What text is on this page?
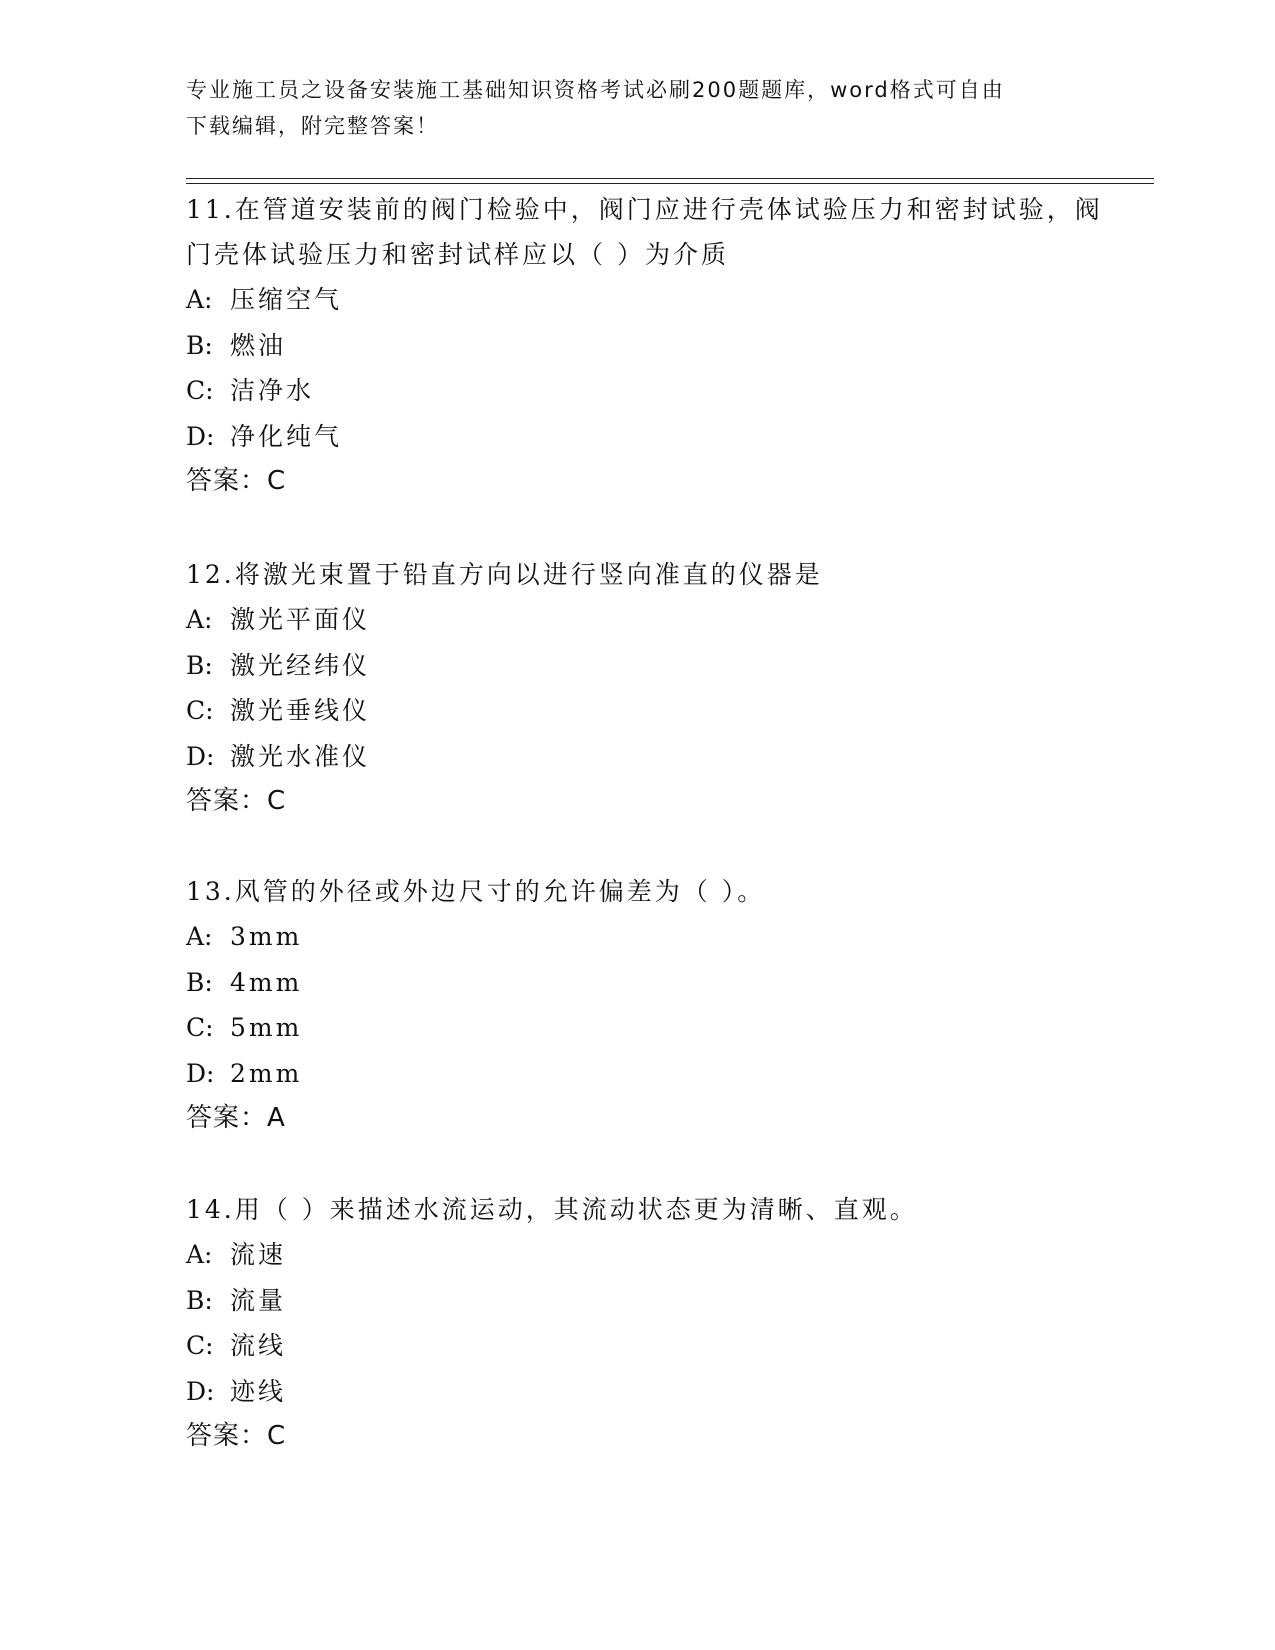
专业施工员之设备安装施工基础知识资格考试必刷200题题库，word格式可自由
下载编辑，附完整答案！
11.在管道安装前的阀门检验中，阀门应进行壳体试验压力和密封试验，阀门壳体试验压力和密封试样应以（ ）为介质
A: 压缩空气
B: 燃油
C: 洁净水
D: 净化纯气
答案：C
12.将激光束置于铅直方向以进行竖向准直的仪器是
A: 激光平面仪
B: 激光经纬仪
C: 激光垂线仪
D: 激光水准仪
答案：C
13.风管的外径或外边尺寸的允许偏差为（ ）。
A: 3mm
B: 4mm
C: 5mm
D: 2mm
答案：A
14.用（ ）来描述水流运动，其流动状态更为清晰、直观。
A: 流速
B: 流量
C: 流线
D: 迹线
答案：C
